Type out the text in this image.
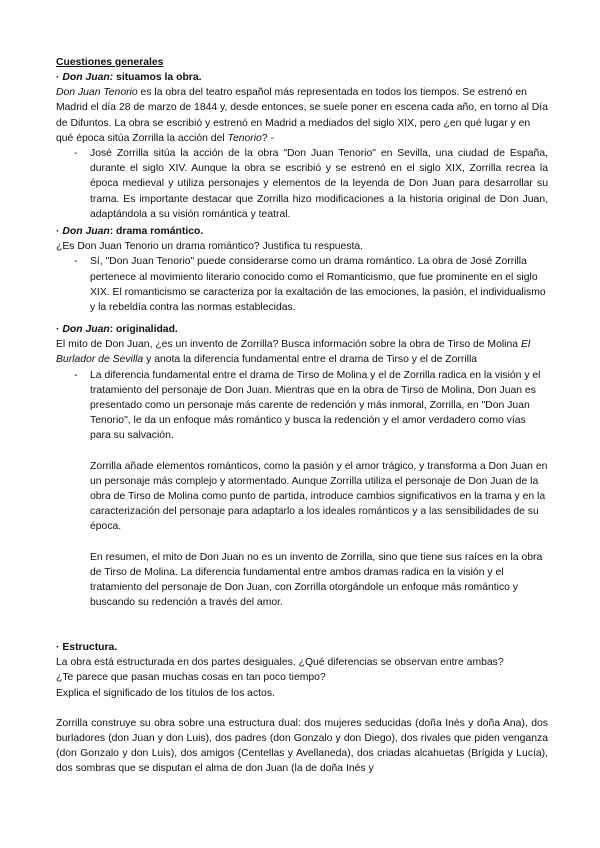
Cuestiones generales

· Don Juan: situamos la obra.

Don Juan Tenorio es la obra del teatro español más representada en todos los tiempos. Se estrenó en Madrid el día 28 de marzo de 1844 y, desde entonces, se suele poner en escena cada año, en torno al Día de Difuntos. La obra se escribió y estrenó en Madrid a mediados del siglo XIX, pero ¿en qué lugar y en qué época sitúa Zorrilla la acción del Tenorio? -

- José Zorrilla sitúa la acción de la obra "Don Juan Tenorio" en Sevilla, una ciudad de España, durante el siglo XIV. Aunque la obra se escribió y se estrenó en el siglo XIX, Zorrilla recrea la época medieval y utiliza personajes y elementos de la leyenda de Don Juan para desarrollar su trama. Es importante destacar que Zorrilla hizo modificaciones a la historia original de Don Juan, adaptándola a su visión romántica y teatral.

· Don Juan: drama romántico.

¿Es Don Juan Tenorio un drama romántico? Justifica tu respuesta.

- Sí, "Don Juan Tenorio" puede considerarse como un drama romántico. La obra de José Zorrilla pertenece al movimiento literario conocido como el Romanticismo, que fue prominente en el siglo XIX. El romanticismo se caracteriza por la exaltación de las emociones, la pasión, el individualismo y la rebeldía contra las normas establecidas.

· Don Juan: originalidad.

El mito de Don Juan, ¿es un invento de Zorrilla? Busca información sobre la obra de Tirso de Molina El Burlador de Sevilla y anota la diferencia fundamental entre el drama de Tirso y el de Zorrilla

- La diferencia fundamental entre el drama de Tirso de Molina y el de Zorrilla radica en la visión y el tratamiento del personaje de Don Juan. Mientras que en la obra de Tirso de Molina, Don Juan es presentado como un personaje más carente de redención y más inmoral, Zorrilla, en "Don Juan Tenorio", le da un enfoque más romántico y busca la redención y el amor verdadero como vías para su salvación.

Zorrilla añade elementos románticos, como la pasión y el amor trágico, y transforma a Don Juan en un personaje más complejo y atormentado. Aunque Zorrilla utiliza el personaje de Don Juan de la obra de Tirso de Molina como punto de partida, introduce cambios significativos en la trama y en la caracterización del personaje para adaptarlo a los ideales románticos y a las sensibilidades de su época.

En resumen, el mito de Don Juan no es un invento de Zorrilla, sino que tiene sus raíces en la obra de Tirso de Molina. La diferencia fundamental entre ambos dramas radica en la visión y el tratamiento del personaje de Don Juan, con Zorrilla otorgándole un enfoque más romántico y buscando su redención a través del amor.

· Estructura.

La obra está estructurada en dos partes desiguales. ¿Qué diferencias se observan entre ambas?

¿Te parece que pasan muchas cosas en tan poco tiempo?

Explica el significado de los títulos de los actos.

Zorrilla construye su obra sobre una estructura dual: dos mujeres seducidas (doña Inés y doña Ana), dos burladores (don Juan y don Luis), dos padres (don Gonzalo y don Diego), dos rivales que piden venganza (don Gonzalo y don Luis), dos amigos (Centellas y Avellaneda), dos criadas alcahuetas (Brígida y Lucía), dos sombras que se disputan el alma de don Juan (la de doña Inés y
